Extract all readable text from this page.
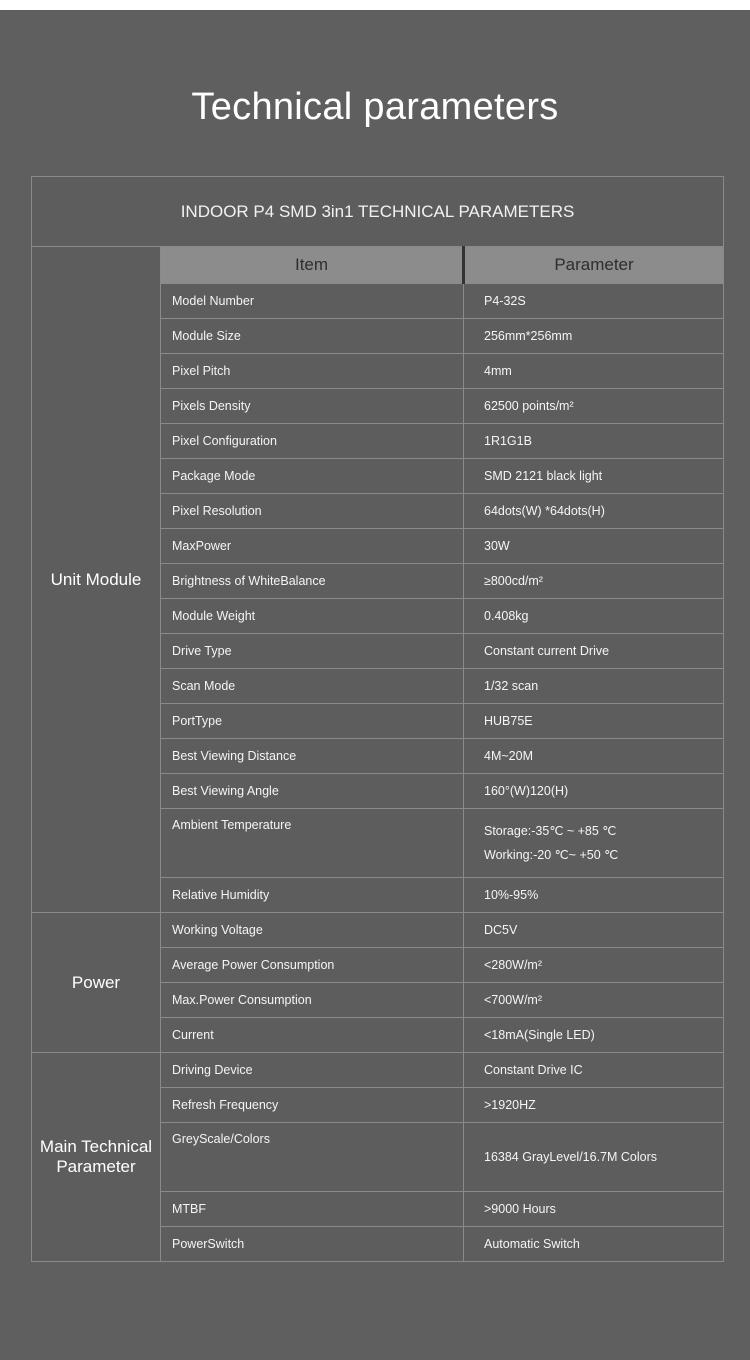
Technical parameters
INDOOR P4 SMD 3in1 TECHNICAL PARAMETERS		
Unit Module	Item	Parameter
	Model Number	P4-32S

	Module Size	256mm*256mm

	Pixel Pitch	4mm

	Pixels Density	62500 points/m²

	Pixel Configuration	1R1G1B

	Package Mode	SMD 2121 black light

	Pixel Resolution	64dots(W) *64dots(H)

	MaxPower	30W

	Brightness of WhiteBalance	≥800cd/m²

	Module Weight	0.408kg

	Drive Type	Constant current Drive

	Scan Mode	1/32 scan

	PortType	HUB75E

	Best Viewing Distance	4M~20M

	Best Viewing Angle	160°(W)120(H)

	Ambient Temperature	Storage:-35℃ ~ +85 ℃
Working:-20 ℃~ +50 ℃

	Relative Humidity	10%-95%

Power	Working Voltage	DC5V

	Average Power Consumption	<280W/m²

	Max.Power Consumption	<700W/m²

	Current	<18mA(Single LED)

Main Technical Parameter	Driving Device	Constant Drive IC

	Refresh Frequency	>1920HZ

	GreyScale/Colors	16384 GrayLevel/16.7M Colors

	MTBF	>9000 Hours

	PowerSwitch	Automatic Switch
